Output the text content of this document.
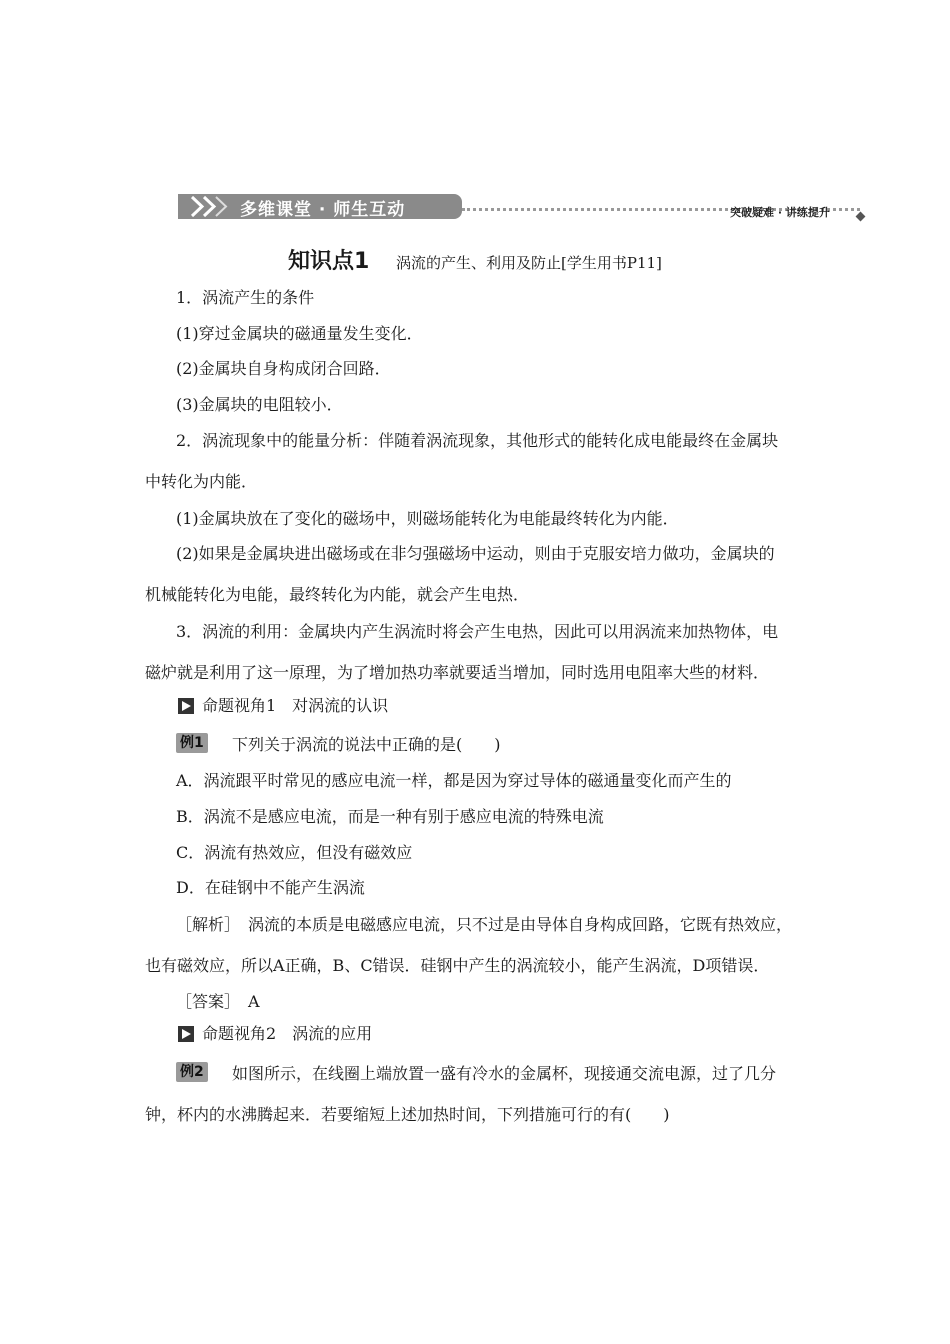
多维课堂 · 师生互动	突破疑难 · 讲练提升
知识点1 涡流的产生、利用及防止[学生用书P11]
1．涡流产生的条件
(1)穿过金属块的磁通量发生变化．
(2)金属块自身构成闭合回路．
(3)金属块的电阻较小．
2．涡流现象中的能量分析：伴随着涡流现象，其他形式的能转化成电能最终在金属块
中转化为内能．
(1)金属块放在了变化的磁场中，则磁场能转化为电能最终转化为内能．
(2)如果是金属块进出磁场或在非匀强磁场中运动，则由于克服安培力做功，金属块的
机械能转化为电能，最终转化为内能，就会产生电热．
3．涡流的利用：金属块内产生涡流时将会产生电热，因此可以用涡流来加热物体，电
磁炉就是利用了这一原理，为了增加热功率就要适当增加，同时选用电阻率大些的材料．
命题视角1　对涡流的认识
例1 下列关于涡流的说法中正确的是(　　)
A．涡流跟平时常见的感应电流一样，都是因为穿过导体的磁通量变化而产生的
B．涡流不是感应电流，而是一种有别于感应电流的特殊电流
C．涡流有热效应，但没有磁效应
D．在硅钢中不能产生涡流
［解析］　涡流的本质是电磁感应电流，只不过是由导体自身构成回路，它既有热效应，
也有磁效应，所以A正确，B、C错误．硅钢中产生的涡流较小，能产生涡流，D项错误．
［答案］　A
命题视角2　涡流的应用
例2 如图所示，在线圈上端放置一盛有冷水的金属杯，现接通交流电源，过了几分
钟，杯内的水沸腾起来．若要缩短上述加热时间，下列措施可行的有(　　)
